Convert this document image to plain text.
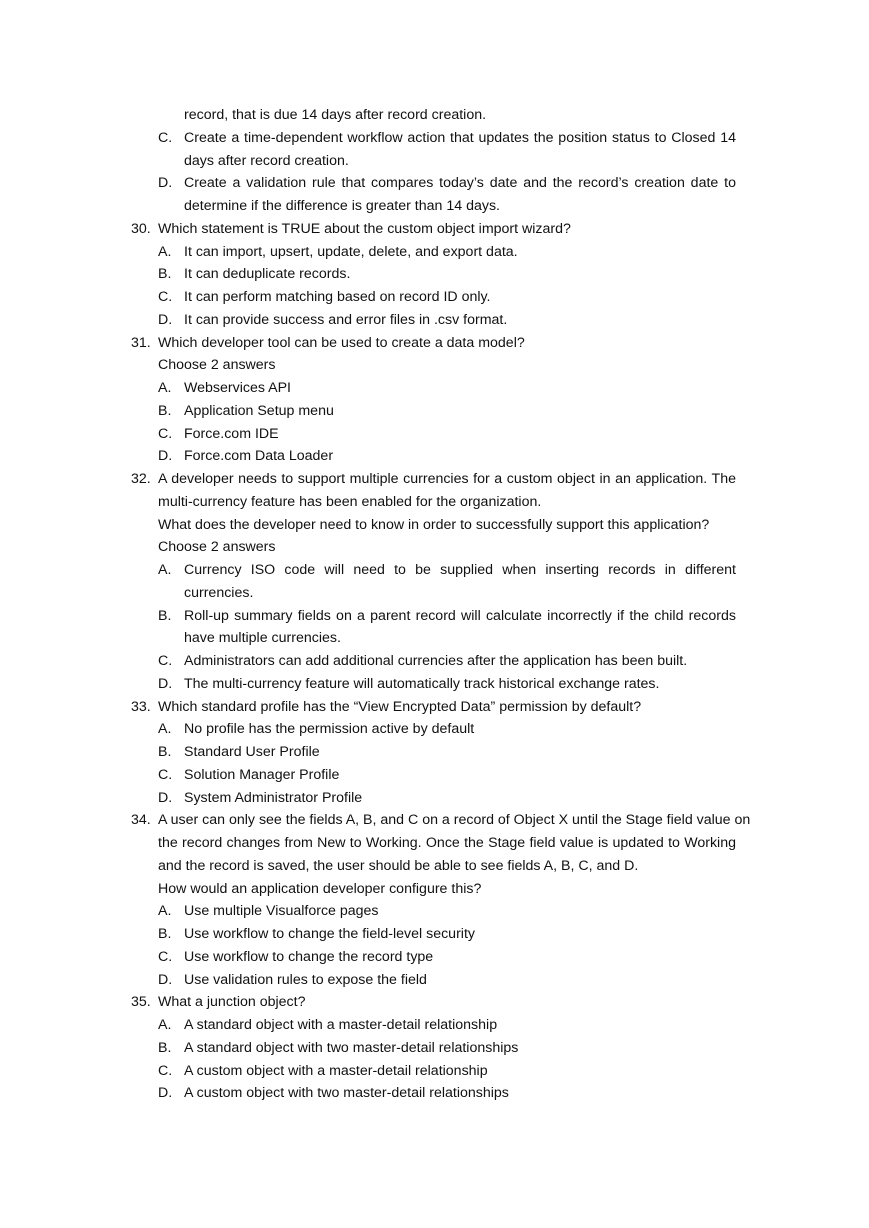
record, that is due 14 days after record creation.
C. Create a time-dependent workflow action that updates the position status to Closed 14
days after record creation.
D. Create a validation rule that compares today’s date and the record’s creation date to
determine if the difference is greater than 14 days.
30. Which statement is TRUE about the custom object import wizard?
A. It can import, upsert, update, delete, and export data.
B. It can deduplicate records.
C. It can perform matching based on record ID only.
D. It can provide success and error files in .csv format.
31. Which developer tool can be used to create a data model?
Choose 2 answers
A. Webservices API
B. Application Setup menu
C. Force.com IDE
D. Force.com Data Loader
32. A developer needs to support multiple currencies for a custom object in an application. The
multi-currency feature has been enabled for the organization.
What does the developer need to know in order to successfully support this application?
Choose 2 answers
A. Currency ISO code will need to be supplied when inserting records in different
currencies.
B. Roll-up summary fields on a parent record will calculate incorrectly if the child records
have multiple currencies.
C. Administrators can add additional currencies after the application has been built.
D. The multi-currency feature will automatically track historical exchange rates.
33. Which standard profile has the “View Encrypted Data” permission by default?
A. No profile has the permission active by default
B. Standard User Profile
C. Solution Manager Profile
D. System Administrator Profile
34. A user can only see the fields A, B, and C on a record of Object X until the Stage field value on
the record changes from New to Working. Once the Stage field value is updated to Working
and the record is saved, the user should be able to see fields A, B, C, and D.
How would an application developer configure this?
A. Use multiple Visualforce pages
B. Use workflow to change the field-level security
C. Use workflow to change the record type
D. Use validation rules to expose the field
35. What a junction object?
A. A standard object with a master-detail relationship
B. A standard object with two master-detail relationships
C. A custom object with a master-detail relationship
D. A custom object with two master-detail relationships
